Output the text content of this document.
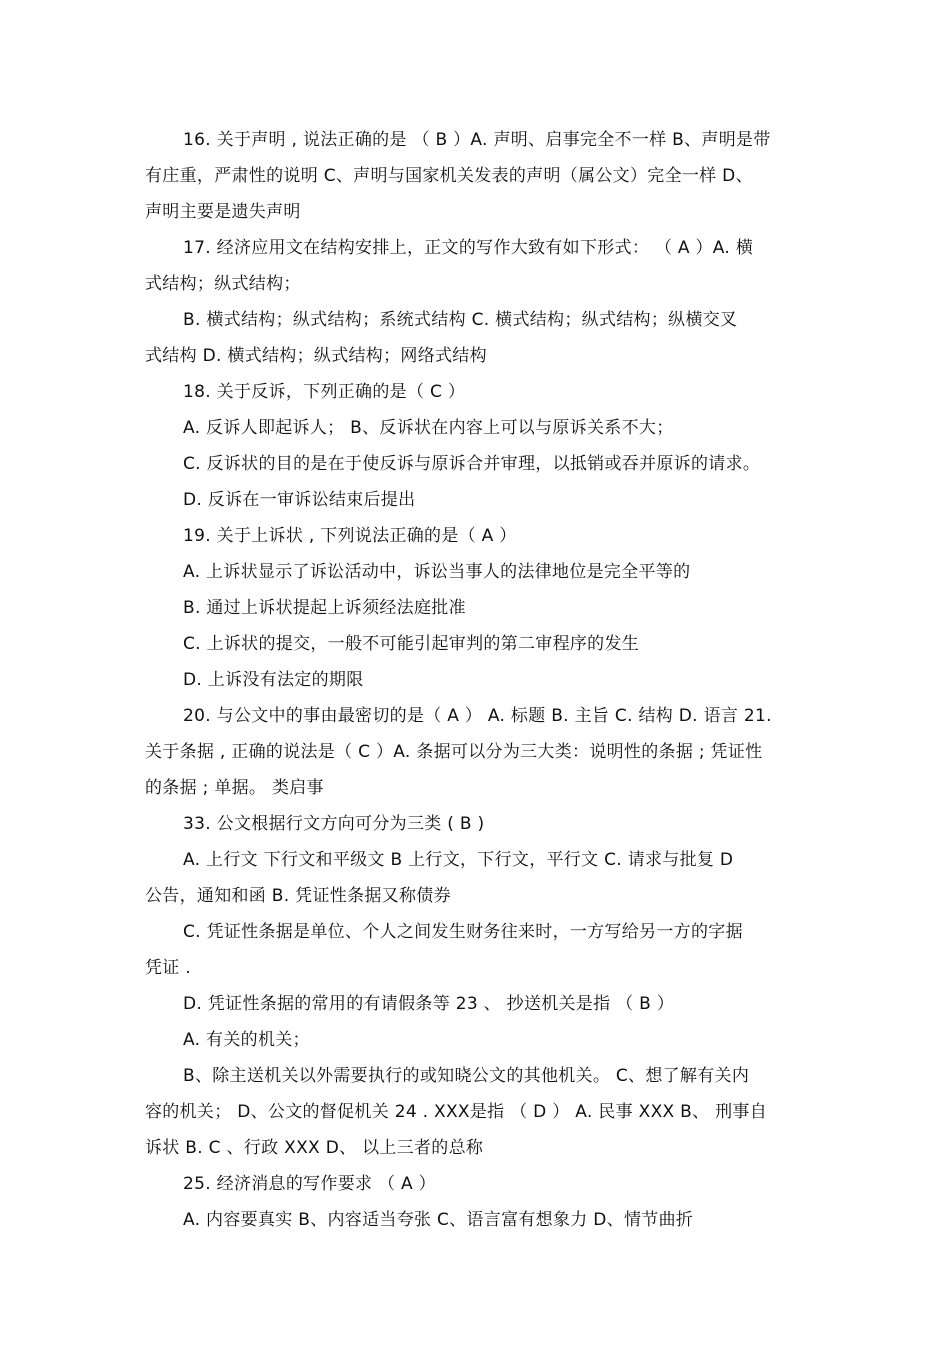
16. 关于声明 , 说法正确的是 （ B ）A. 声明、启事完全不一样 B、声明是带
有庄重，严肃性的说明 C、声明与国家机关发表的声明（属公文）完全一样 D、
声明主要是遗失声明
17. 经济应用文在结构安排上，正文的写作大致有如下形式： （ A ）A. 横
式结构；纵式结构；
B. 横式结构；纵式结构；系统式结构 C. 横式结构；纵式结构；纵横交叉
式结构 D. 横式结构；纵式结构；网络式结构
18. 关于反诉，下列正确的是（ C ）
A. 反诉人即起诉人； B、反诉状在内容上可以与原诉关系不大；
C. 反诉状的目的是在于使反诉与原诉合并审理，以抵销或吞并原诉的请求。
D. 反诉在一审诉讼结束后提出
19. 关于上诉状 , 下列说法正确的是（ A ）
A. 上诉状显示了诉讼活动中，诉讼当事人的法律地位是完全平等的
B. 通过上诉状提起上诉须经法庭批准
C. 上诉状的提交，一般不可能引起审判的第二审程序的发生
D. 上诉没有法定的期限
20. 与公文中的事由最密切的是（ A ） A. 标题 B. 主旨 C. 结构 D. 语言 21.
关于条据 , 正确的说法是（ C ）A. 条据可以分为三大类：说明性的条据 ; 凭证性
的条据 ; 单据。 类启事
33. 公文根据行文方向可分为三类 ( B )
A. 上行文 下行文和平级文 B 上行文，下行文，平行文 C. 请求与批复 D
公告，通知和函 B. 凭证性条据又称债券
C. 凭证性条据是单位、个人之间发生财务往来时，一方写给另一方的字据
凭证 .
D. 凭证性条据的常用的有请假条等 23 、 抄送机关是指 （ B ）
A. 有关的机关；
B、除主送机关以外需要执行的或知晓公文的其他机关。 C、想了解有关内
容的机关； D、公文的督促机关 24 . XXX是指 （ D ） A. 民事 XXX B、 刑事自
诉状 B. C 、行政 XXX D、 以上三者的总称
25. 经济消息的写作要求 （ A ）
A. 内容要真实 B、内容适当夸张 C、语言富有想象力 D、情节曲折
